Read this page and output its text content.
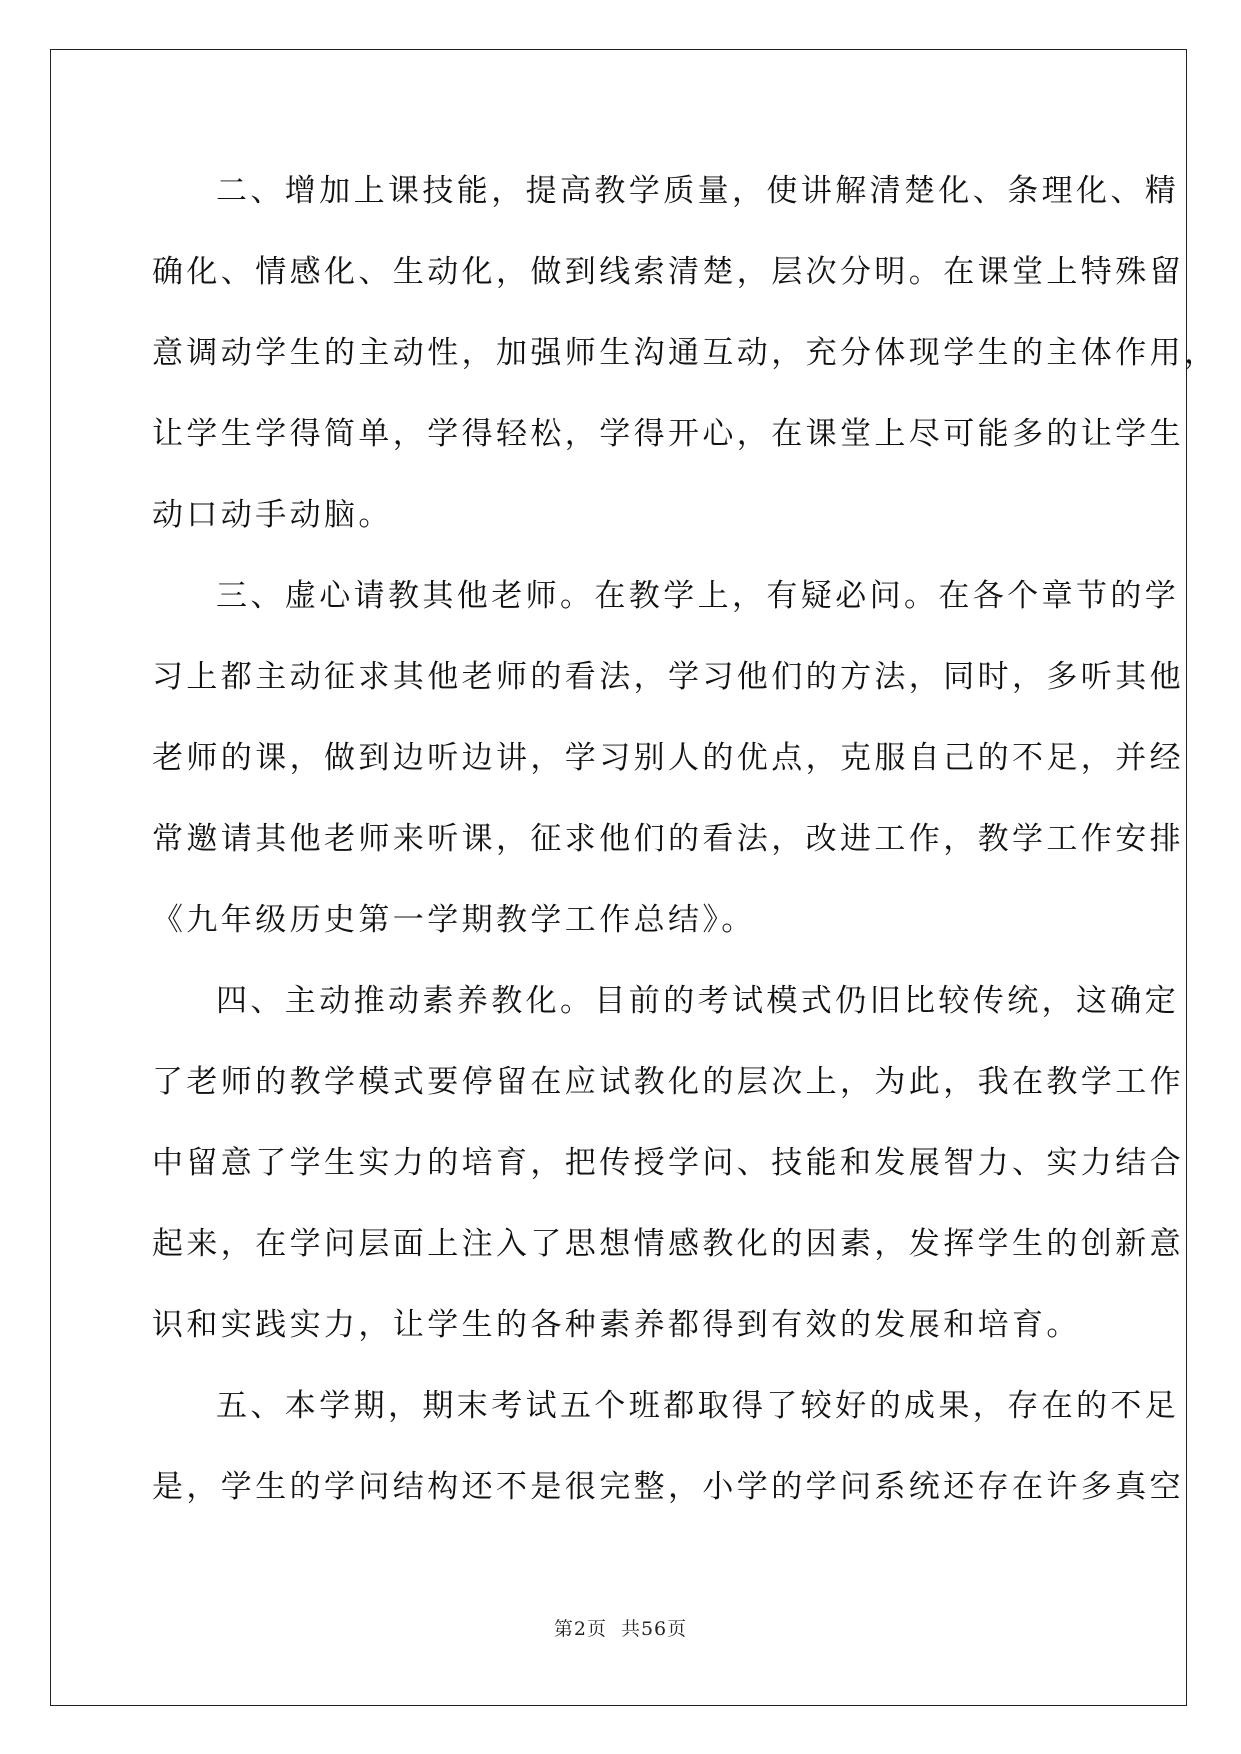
二、增加上课技能，提高教学质量，使讲解清楚化、条理化、精
确化、情感化、生动化，做到线索清楚，层次分明。在课堂上特殊留
意调动学生的主动性，加强师生沟通互动，充分体现学生的主体作用，
让学生学得简单，学得轻松，学得开心，在课堂上尽可能多的让学生
动口动手动脑。
三、虚心请教其他老师。在教学上，有疑必问。在各个章节的学
习上都主动征求其他老师的看法，学习他们的方法，同时，多听其他
老师的课，做到边听边讲，学习别人的优点，克服自己的不足，并经
常邀请其他老师来听课，征求他们的看法，改进工作，教学工作安排
《九年级历史第一学期教学工作总结》。
四、主动推动素养教化。目前的考试模式仍旧比较传统，这确定
了老师的教学模式要停留在应试教化的层次上，为此，我在教学工作
中留意了学生实力的培育，把传授学问、技能和发展智力、实力结合
起来，在学问层面上注入了思想情感教化的因素，发挥学生的创新意
识和实践实力，让学生的各种素养都得到有效的发展和培育。
五、本学期，期末考试五个班都取得了较好的成果，存在的不足
是，学生的学问结构还不是很完整，小学的学问系统还存在许多真空
第2页 共56页
